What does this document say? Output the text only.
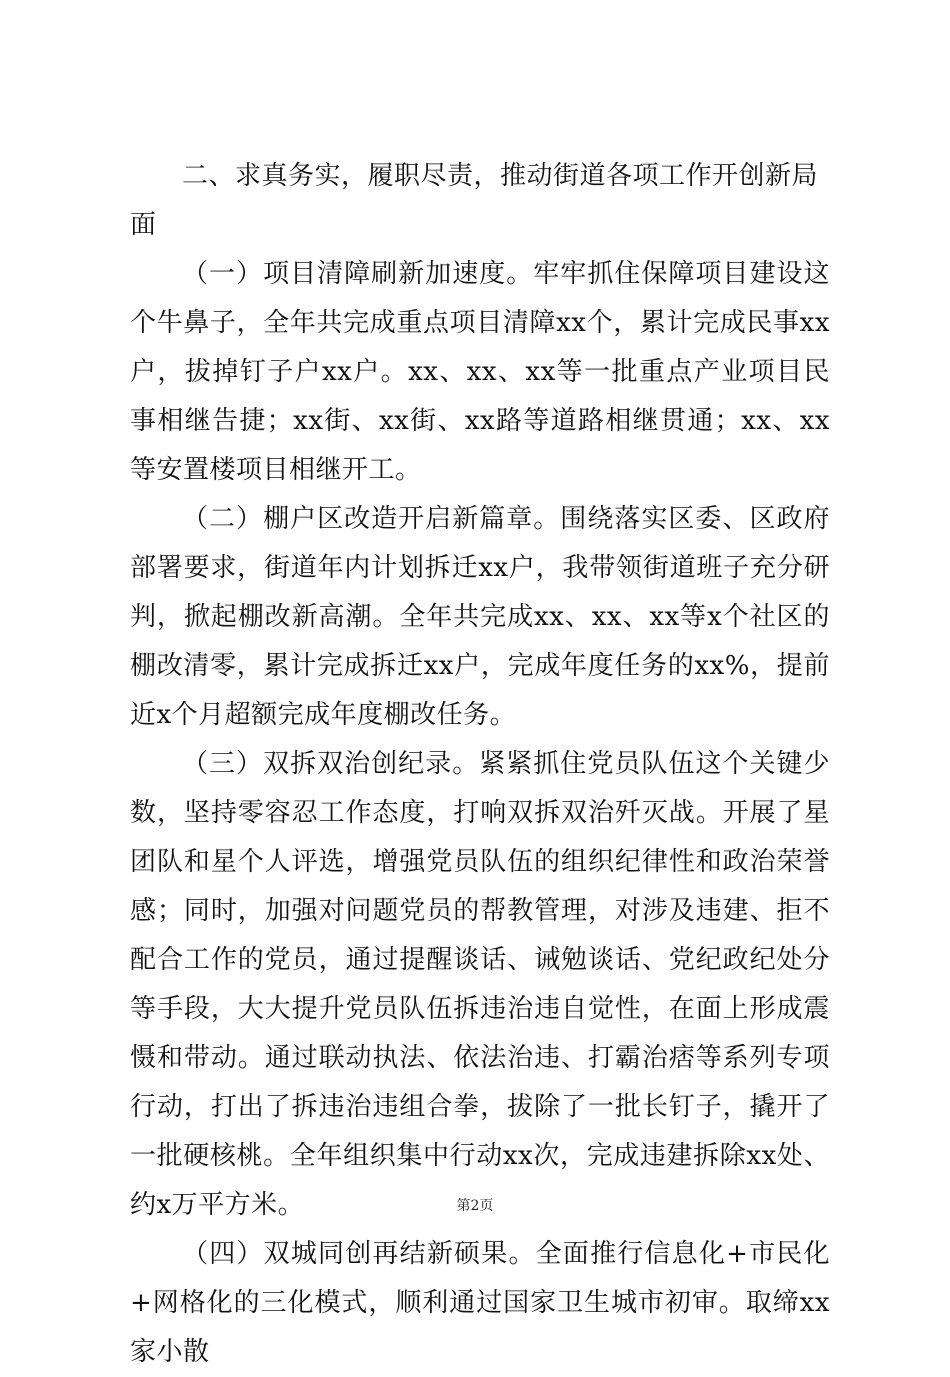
二、求真务实，履职尽责，推动街道各项工作开创新局面

（一）项目清障刷新加速度。牢牢抓住保障项目建设这个牛鼻子，全年共完成重点项目清障xx个，累计完成民事xx户，拔掉钉子户xx户。xx、xx、xx等一批重点产业项目民事相继告捷；xx街、xx街、xx路等道路相继贯通；xx、xx等安置楼项目相继开工。

（二）棚户区改造开启新篇章。围绕落实区委、区政府部署要求，街道年内计划拆迁xx户，我带领街道班子充分研判，掀起棚改新高潮。全年共完成xx、xx、xx等x个社区的棚改清零，累计完成拆迁xx户，完成年度任务的xx%，提前近x个月超额完成年度棚改任务。

（三）双拆双治创纪录。紧紧抓住党员队伍这个关键少数，坚持零容忍工作态度，打响双拆双治歼灭战。开展了星团队和星个人评选，增强党员队伍的组织纪律性和政治荣誉感；同时，加强对问题党员的帮教管理，对涉及违建、拒不配合工作的党员，通过提醒谈话、诫勉谈话、党纪政纪处分等手段，大大提升党员队伍拆违治违自觉性，在面上形成震慑和带动。通过联动执法、依法治违、打霸治痞等系列专项行动，打出了拆违治违组合拳，拔除了一批长钉子，撬开了一批硬核桃。全年组织集中行动xx次，完成违建拆除xx处、约x万平方米。

（四）双城同创再结新硕果。全面推行信息化+市民化+网格化的三化模式，顺利通过国家卫生城市初审。取缔xx家小散

第2页
